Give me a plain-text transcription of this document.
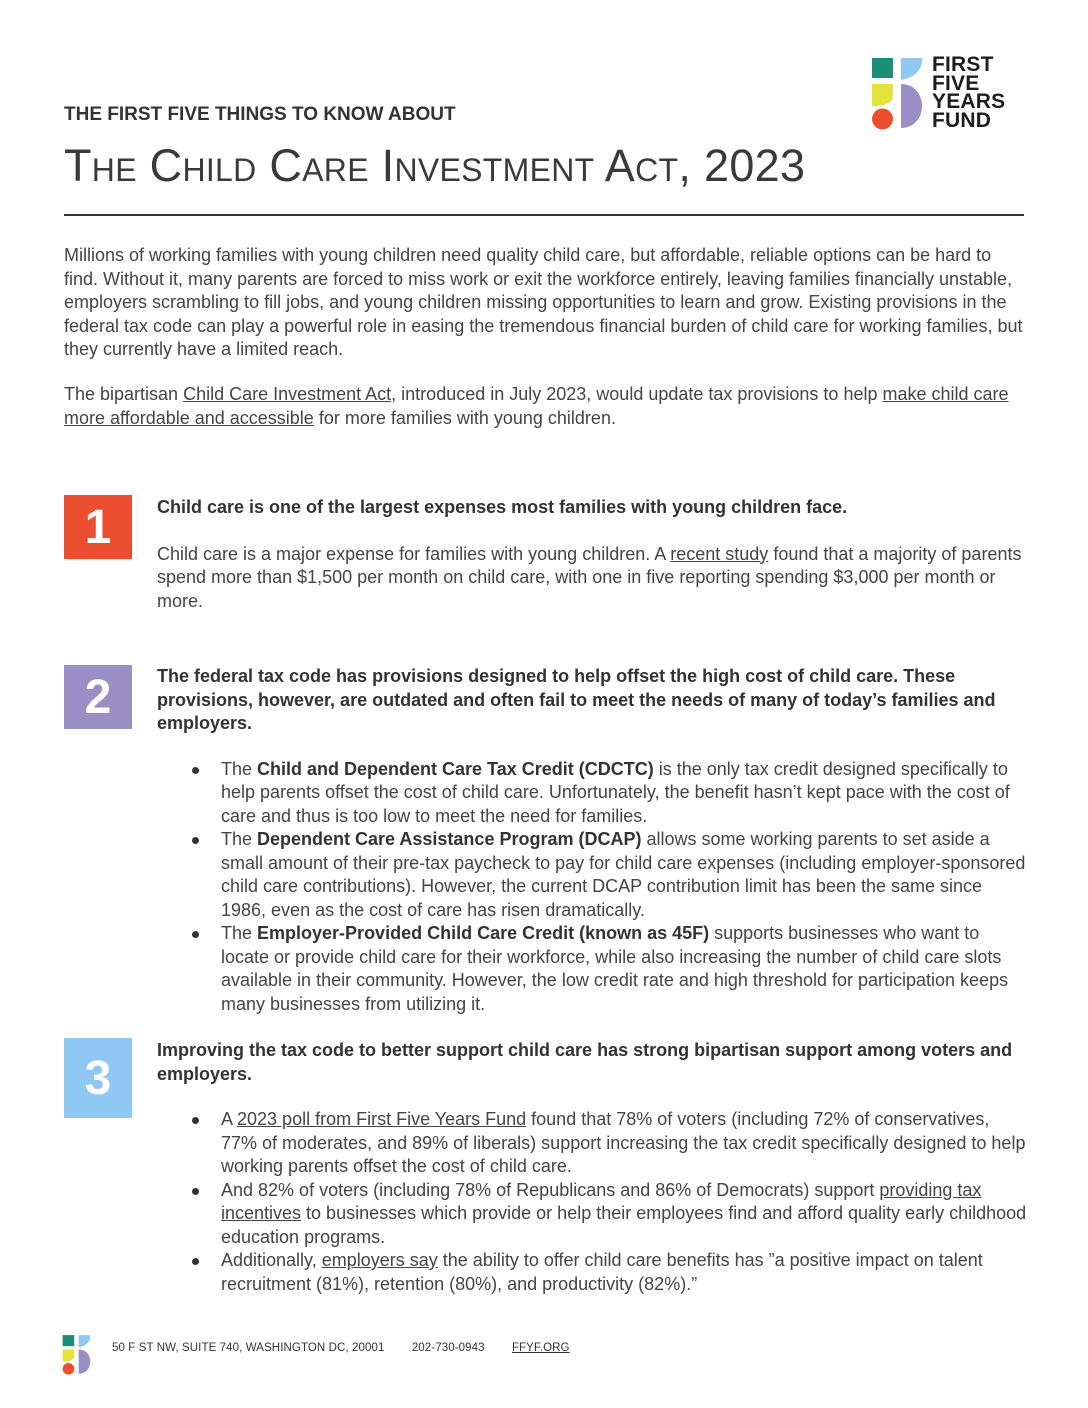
FIRST
FIVE
YEARS
FUND

THE FIRST FIVE THINGS TO KNOW ABOUT

The Child Care Investment Act, 2023

Millions of working families with young children need quality child care, but affordable, reliable options can be hard to find. Without it, many parents are forced to miss work or exit the workforce entirely, leaving families financially unstable, employers scrambling to fill jobs, and young children missing opportunities to learn and grow. Existing provisions in the federal tax code can play a powerful role in easing the tremendous financial burden of child care for working families, but they currently have a limited reach.

The bipartisan Child Care Investment Act, introduced in July 2023, would update tax provisions to help make child care more affordable and accessible for more families with young children.

1	Child care is one of the largest expenses most families with young children face.

Child care is a major expense for families with young children. A recent study found that a majority of parents spend more than $1,500 per month on child care, with one in five reporting spending $3,000 per month or more.

2	The federal tax code has provisions designed to help offset the high cost of child care. These provisions, however, are outdated and often fail to meet the needs of many of today’s families and employers.
The Child and Dependent Care Tax Credit (CDCTC) is the only tax credit designed specifically to help parents offset the cost of child care. Unfortunately, the benefit hasn’t kept pace with the cost of care and thus is too low to meet the need for families.
The Dependent Care Assistance Program (DCAP) allows some working parents to set aside a small amount of their pre-tax paycheck to pay for child care expenses (including employer-sponsored child care contributions). However, the current DCAP contribution limit has been the same since 1986, even as the cost of care has risen dramatically.
The Employer-Provided Child Care Credit (known as 45F) supports businesses who want to locate or provide child care for their workforce, while also increasing the number of child care slots available in their community. However, the low credit rate and high threshold for participation keeps many businesses from utilizing it.
3
Improving the tax code to better support child care has strong bipartisan support among voters and employers.
A 2023 poll from First Five Years Fund found that 78% of voters (including 72% of conservatives, 77% of moderates, and 89% of liberals) support increasing the tax credit specifically designed to help working parents offset the cost of child care.
And 82% of voters (including 78% of Republicans and 86% of Democrats) support providing tax incentives to businesses which provide or help their employees find and afford quality early childhood education programs.
Additionally, employers say the ability to offer child care benefits has ”a positive impact on talent recruitment (81%), retention (80%), and productivity (82%).”
50 F ST NW, SUITE 740, WASHINGTON DC, 20001 202-730-0943 FFYF.ORG
